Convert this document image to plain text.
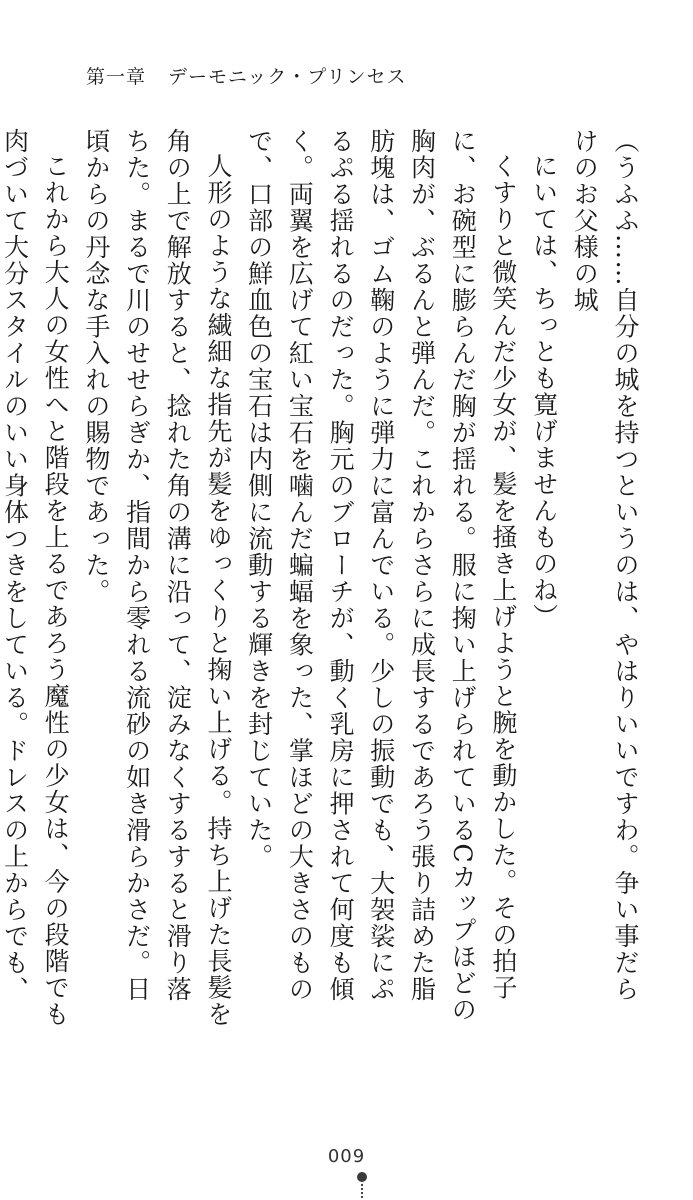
第一章 デーモニック・プリンセス

（うふふ……自分の城を持つというのは、やはりいいですわ。争い事だらけのお父様の城
にいては、ちっとも寛げませんものね）

くすりと微笑んだ少女が、髪を掻き上げようと腕を動かした。その拍子に、お碗型に膨らんだ胸が揺れる。服に掬い上げられているCカップほどの胸肉が、ぶるんと弾んだ。これからさらに成長するであろう張り詰めた脂肪塊は、ゴム鞠のように弾力に富んでいる。少しの振動でも、大袈裟にぷるぷる揺れるのだった。胸元のブローチが、動く乳房に押されて何度も傾く。両翼を広げて紅い宝石を噛んだ蝙蝠を象った、掌ほどの大きさのもので、口部の鮮血色の宝石は内側に流動する輝きを封じていた。

人形のような繊細な指先が髪をゆっくりと掬い上げる。持ち上げた長髪を角の上で解放すると、捻れた角の溝に沿って、淀みなくするすると滑り落ちた。まるで川のせせらぎか、指間から零れる流砂の如き滑らかさだ。日頃からの丹念な手入れの賜物であった。

これから大人の女性へと階段を上るであろう魔性の少女は、今の段階でも肉づいて大分スタイルのいい身体つきをしている。ドレスの上からでも、

009
